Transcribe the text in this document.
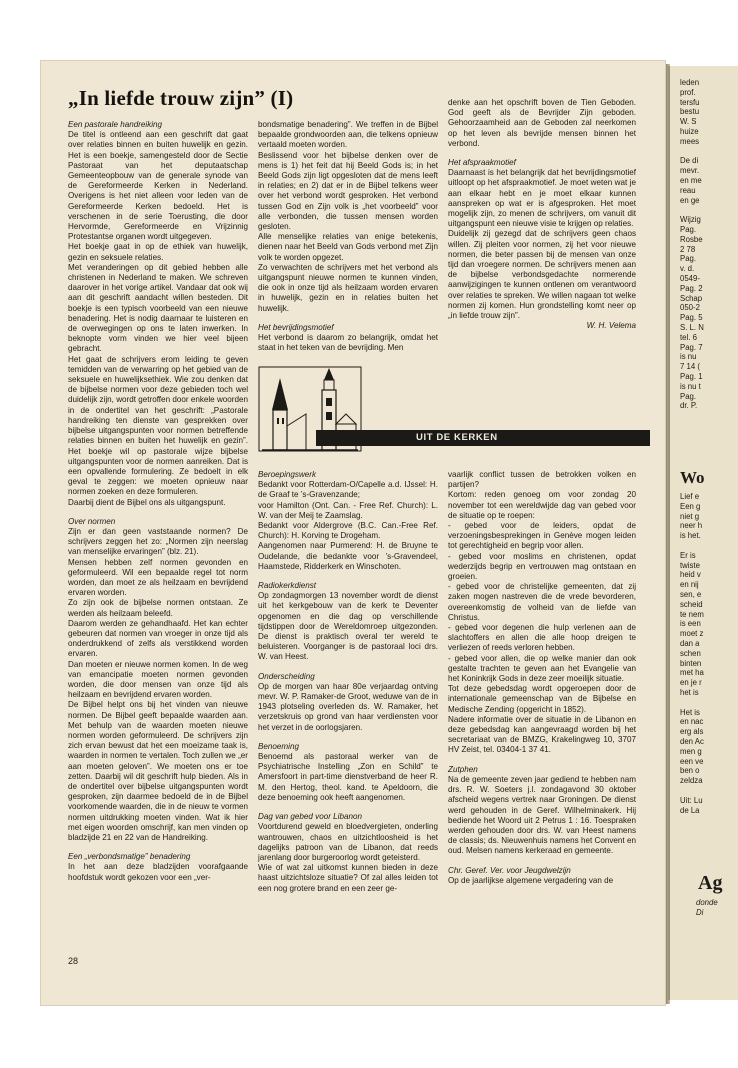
„In liefde trouw zijn” (I)

Een pastorale handreiking

De titel is ontleend aan een geschrift dat gaat over relaties binnen en buiten huwelijk en gezin. Het is een boekje, samengesteld door de Sectie Pastoraat van het deputaatschap Gemeenteopbouw van de generale synode van de Gereformeerde Kerken in Nederland. Overigens is het niet alleen voor leden van de Gereformeerde Kerken bedoeld. Het is verschenen in de serie Toerusting, die door Hervormde, Gereformeerde en Vrijzinnig Protestantse organen wordt uitgegeven.

Het boekje gaat in op de ethiek van huwelijk, gezin en seksuele relaties.

Met veranderingen op dit gebied hebben alle christenen in Nederland te maken. We schreven daarover in het vorige artikel. Vandaar dat ook wij aan dit geschrift aandacht willen besteden. Dit boekje is een typisch voorbeeld van een nieuwe benadering. Het is nodig daarnaar te luisteren en de overwegingen op ons te laten inwerken. In beknopte vorm vinden we hier veel bijeen gebracht.

Het gaat de schrijvers erom leiding te geven temidden van de verwarring op het gebied van de seksuele en huwelijksethiek. Wie zou denken dat de bijbelse normen voor deze gebieden toch wel duidelijk zijn, wordt getroffen door enkele woorden in de ondertitel van het geschrift: „Pastorale handreiking ten dienste van gesprekken over bijbelse uitgangspunten voor normen betreffende relaties binnen en buiten het huwelijk en gezin”. Het boekje wil op pastorale wijze bijbelse uitgangspunten voor de normen aanreiken. Dat is een opvallende formulering. Ze bedoelt in elk geval te zeggen: we moeten opnieuw naar normen zoeken en deze formuleren.

Daarbij dient de Bijbel ons als uitgangspunt.

Over normen

Zijn er dan geen vaststaande normen? De schrijvers zeggen het zo: „Normen zijn neerslag van menselijke ervaringen” (blz. 21).

Mensen hebben zelf normen gevonden en geformuleerd. Wil een bepaalde regel tot norm worden, dan moet ze als heilzaam en bevrijdend ervaren worden.

Zo zijn ook de bijbelse normen ontstaan. Ze werden als heilzaam beleefd.

Daarom werden ze gehandhaafd. Het kan echter gebeuren dat normen van vroeger in onze tijd als onderdrukkend of zelfs als verstikkend worden ervaren.

Dan moeten er nieuwe normen komen. In de weg van emancipatie moeten normen gevonden worden, die door mensen van onze tijd als heilzaam en bevrijdend ervaren worden.

De Bijbel helpt ons bij het vinden van nieuwe normen. De Bijbel geeft bepaalde waarden aan. Met behulp van de waarden moeten nieuwe normen worden geformuleerd. De schrijvers zijn zich ervan bewust dat het een moeizame taak is, waarden in normen te vertalen. Toch zullen we „er aan moeten geloven”. We moeten ons er toe zetten. Daarbij wil dit geschrift hulp bieden. Als in de ondertitel over bijbelse uitgangspunten wordt gesproken, zijn daarmee bedoeld de in de Bijbel voorkomende waarden, die in de nieuw te vormen normen uitdrukking moeten vinden. Wat ik hier met eigen woorden omschrijf, kan men vinden op bladzijde 21 en 22 van de Handreiking.

Een „verbondsmatige” benadering

In het aan deze bladzijden voorafgaande hoofdstuk wordt gekozen voor een „ver-

bondsmatige benadering”. We treffen in de Bijbel bepaalde grondwoorden aan, die telkens opnieuw vertaald moeten worden.

Beslissend voor het bijbelse denken over de mens is 1) het feit dat hij Beeld Gods is; in het Beeld Gods zijn ligt opgesloten dat de mens leeft in relaties; en 2) dat er in de Bijbel telkens weer over het verbond wordt gesproken. Het verbond tussen God en Zijn volk is „het voorbeeld” voor alle verbonden, die tussen mensen worden gesloten.

Alle menselijke relaties van enige betekenis, dienen naar het Beeld van Gods verbond met Zijn volk te worden opgezet.

Zo verwachten de schrijvers met het verbond als uitgangspunt nieuwe normen te kunnen vinden, die ook in onze tijd als heilzaam worden ervaren in huwelijk, gezin en in relaties buiten het huwelijk.

Het bevrijdingsmotief

Het verbond is daarom zo belangrijk, omdat het staat in het teken van de bevrijding. Men

denke aan het opschrift boven de Tien Geboden. God geeft als de Bevrijder Zijn geboden. Gehoorzaamheid aan de Geboden zal neerkomen op het leven als bevrijde mensen binnen het verbond.

Het afspraakmotief

Daarnaast is het belangrijk dat het bevrijdingsmotief uitloopt op het afspraakmotief. Je moet weten wat je aan elkaar hebt en je moet elkaar kunnen aanspreken op wat er is afgesproken. Het moet mogelijk zijn, zo menen de schrijvers, om vanuit dit uitgangspunt een nieuwe visie te krijgen op relaties.

Duidelijk zij gezegd dat de schrijvers geen chaos willen. Zij pleiten voor normen, zij het voor nieuwe normen, die beter passen bij de mensen van onze tijd dan vroegere normen. De schrijvers menen aan de bijbelse verbondsgedachte normerende aanwijzigingen te kunnen ontlenen om verantwoord over relaties te spreken. We willen nagaan tot welke normen zij komen. Hun grondstelling komt neer op „in liefde trouw zijn”.

W. H. Velema

UIT DE KERKEN

Beroepingswerk

Bedankt voor Rotterdam-O/Capelle a.d. IJssel: H. de Graaf te ’s-Gravenzande;

voor Hamilton (Ont. Can. - Free Ref. Church): L. W. van der Meij te Zaamslag.

Bedankt voor Aldergrove (B.C. Can.-Free Ref. Church): H. Korving te Drogeham.

Aangenomen naar Purmerend: H. de Bruyne te Oudelande, die bedankte voor ’s-Gravendeel, Haamstede, Ridderkerk en Winschoten.

Radiokerkdienst

Op zondagmorgen 13 november wordt de dienst uit het kerkgebouw van de kerk te Deventer opgenomen en die dag op verschillende tijdstippen door de Wereldomroep uitgezonden. De dienst is praktisch overal ter wereld te beluisteren. Voorganger is de pastoraal loci drs. W. van Heest.

Onderscheiding

Op de morgen van haar 80e verjaardag ontving mevr. W. P. Ramaker-de Groot, weduwe van de in 1943 plotseling overleden ds. W. Ramaker, het verzetskruis op grond van haar verdiensten voor het verzet in de oorlogsjaren.

Benoeming

Benoemd als pastoraal werker van de Psychiatrische Instelling „Zon en Schild” te Amersfoort in part-time dienstverband de heer R. M. den Hertog, theol. kand. te Apeldoorn, die deze benoeming ook heeft aangenomen.

Dag van gebed voor Libanon

Voortdurend geweld en bloedvergieten, onderling wantrouwen, chaos en uitzichtloosheid is het dagelijks patroon van de Libanon, dat reeds jarenlang door burgeroorlog wordt geteisterd.

Wie of wat zal uitkomst kunnen bieden in deze haast uitzichtsloze situatie? Of zal alles leiden tot een nog grotere brand en een zeer ge-

vaarlijk conflict tussen de betrokken volken en partijen?

Kortom: reden genoeg om voor zondag 20 november tot een wereldwijde dag van gebed voor de situatie op te roepen:

- gebed voor de leiders, opdat de verzoeningsbesprekingen in Genève mogen leiden tot gerechtigheid en begrip voor allen.

- gebed voor moslims en christenen, opdat wederzijds begrip en vertrouwen mag ontstaan en groeien.

- gebed voor de christelijke gemeenten, dat zij zaken mogen nastreven die de vrede bevorderen, overeenkomstig de volheid van de liefde van Christus.

- gebed voor degenen die hulp verlenen aan de slachtoffers en allen die alle hoop dreigen te verliezen of reeds verloren hebben.

- gebed voor allen, die op welke manier dan ook gestalte trachten te geven aan het Evangelie van het Koninkrijk Gods in deze zeer moeilijk situatie.

Tot deze gebedsdag wordt opgeroepen door de internationale gemeenschap van de Bijbelse en Medische Zending (opgericht in 1852).

Nadere informatie over de situatie in de Libanon en deze gebedsdag kan aangevraagd worden bij het secretariaat van de BMZG, Krakelingweg 10, 3707 HV Zeist, tel. 03404-1 37 41.

Zutphen

Na de gemeente zeven jaar gediend te hebben nam drs. R. W. Soeters j.l. zondagavond 30 oktober afscheid wegens vertrek naar Groningen. De dienst werd gehouden in de Geref. Wilhelminakerk. Hij bediende het Woord uit 2 Petrus 1 : 16. Toespraken werden gehouden door drs. W. van Heest namens de classis; ds. Nieuwenhuis namens het Convent en oud. Melsen namens kerkeraad en gemeente.

Chr. Geref. Ver. voor Jeugdwelzijn

Op de jaarlijkse algemene vergadering van de

28
leden
prof.
tersfu
bestu
W. S
huize
mees
De di
mevr.
en me
reau
en ge
Wijzig
Pag.
Rosbe
2 78
Pag.
v. d.
0549-
Pag. 2
Schap
050-2
Pag. 5
S. L. N
tel. 6
Pag. 7
is nu
7 14 (
Pag. 1
is nu t
Pag.
dr. P.
Wo
Lief e
Een g
niet g
neer h
is het.
Er is
twiste
heid v
en nij
sen, e
scheid
te nem
is een
moet z
dan a
schen
binten
met ha
en je r
het is
Het is
en nac
erg als
den Ac
men g
een ve
ben o
zeldza
Uit: Lu
de La
Ag
donde
Di
